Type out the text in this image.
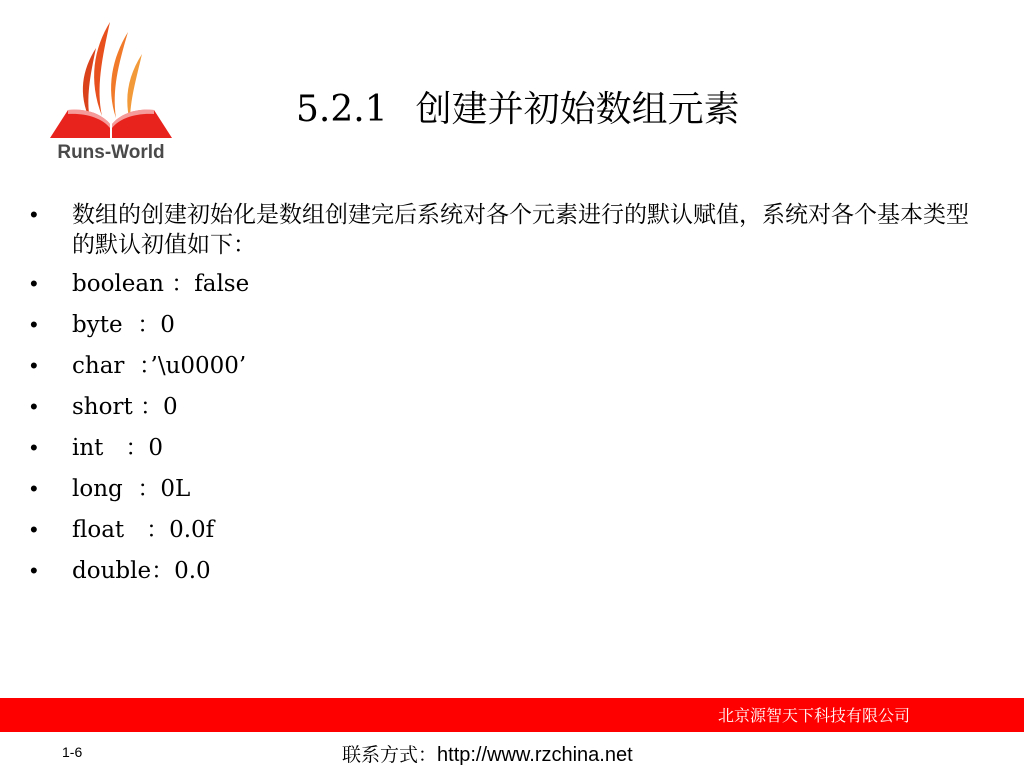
Runs-World
5.2.1 创建并初始数组元素
• 数组的创建初始化是数组创建完后系统对各个元素进行的默认赋值，系统对各个基本类型的默认初值如下：
• boolean ：false
• byte  ：0
• char  ：’\u0000’
• short ：0
• int   ：0
• long  ：0L
• float   ：0.0f
• double：0.0
北京源智天下科技有限公司
1-6	联系方式：http://www.rzchina.net
